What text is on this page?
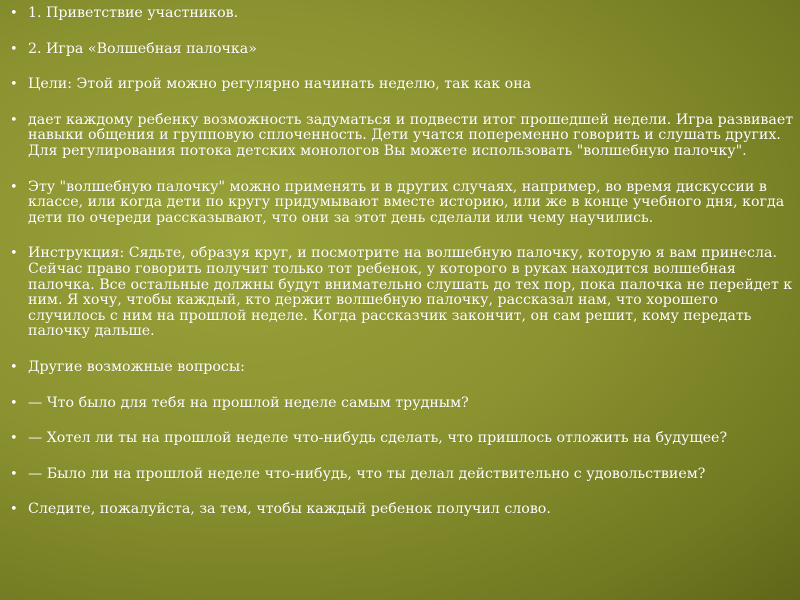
• 1. Приветствие участников.
• 2. Игра «Волшебная палочка»
• Цели: Этой игрой можно регулярно начинать неделю, так как она
• дает каждому ребенку возможность задуматься и подвести итог прошедшей недели. Игра развивает навыки общения и групповую сплоченность. Дети учатся попеременно говорить и слушать других. Для регулирования потока детских монологов Вы можете использовать "волшебную палочку".
• Эту "волшебную палочку" можно применять и в других случаях, например, во время дискуссии в классе, или когда дети по кругу придумывают вместе историю, или же в конце учебного дня, когда дети по очереди рассказывают, что они за этот день сделали или чему научились.
• Инструкция: Сядьте, образуя круг, и посмотрите на волшебную палочку, которую я вам принесла. Сейчас право говорить получит только тот ребенок, у которого в руках находится волшебная палочка. Все остальные должны будут внимательно слушать до тех пор, пока палочка не перейдет к ним. Я хочу, чтобы каждый, кто держит волшебную палочку, рассказал нам, что хорошего случилось с ним на прошлой неделе. Когда рассказчик закончит, он сам решит, кому передать палочку дальше.
• Другие возможные вопросы:
• — Что было для тебя на прошлой неделе самым трудным?
• — Хотел ли ты на прошлой неделе что-нибудь сделать, что пришлось отложить на будущее?
• — Было ли на прошлой неделе что-нибудь, что ты делал действительно с удовольствием?
• Следите, пожалуйста, за тем, чтобы каждый ребенок получил слово.
